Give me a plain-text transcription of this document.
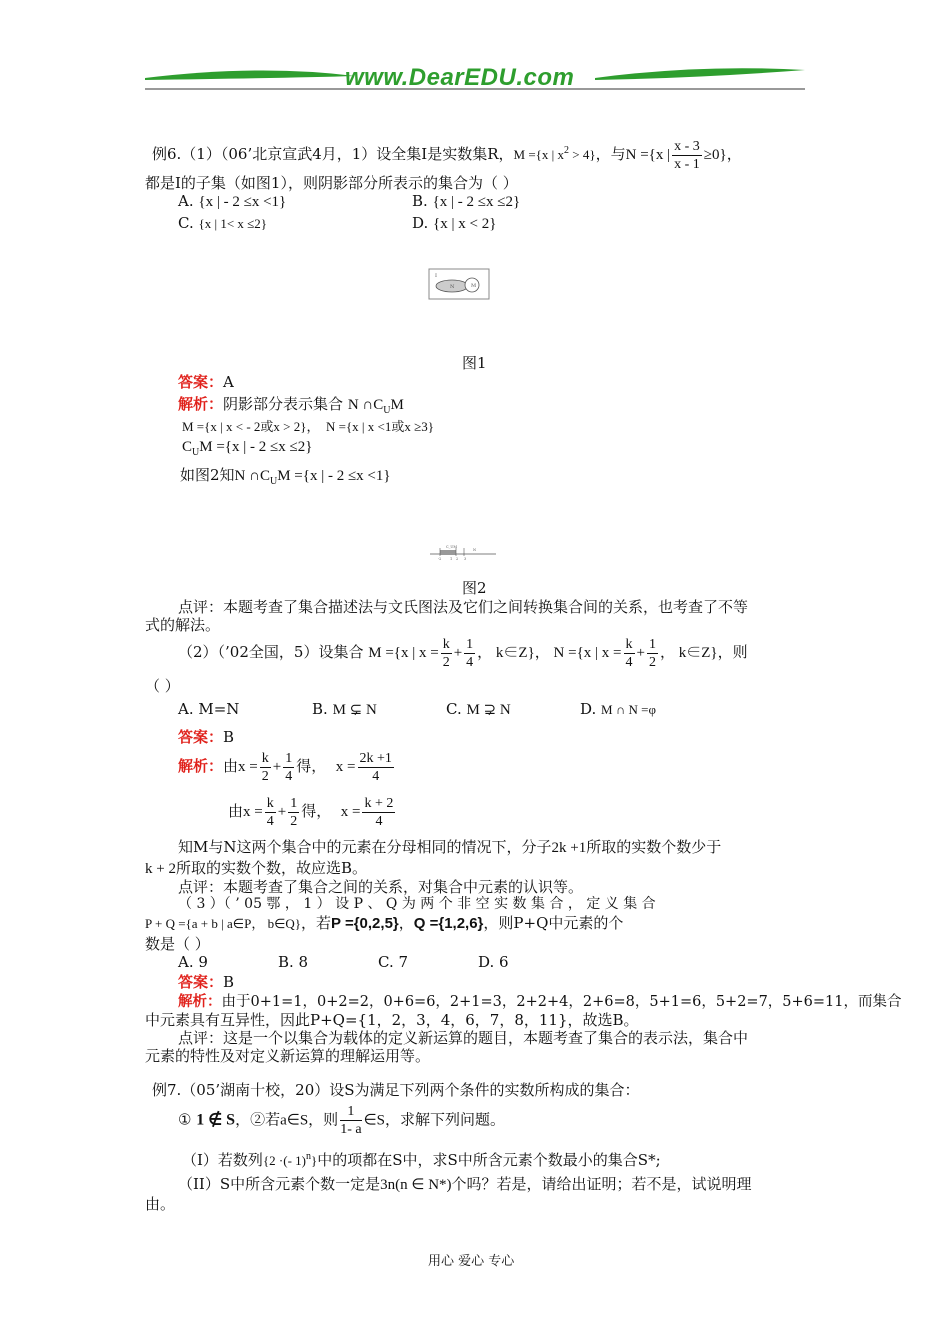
www.DearEDU.com
例6.（1）（06’北京宣武4月，1）设全集I是实数集R，M ={x | $x^2 > 4$}，与N ={x | $\frac{x - 3}{x - 1} \ge 0$}，
都是I的子集（如图1），则阴影部分所表示的集合为（ ）
A. {x | - 2 ≤x <1}	B. {x | - 2 ≤x ≤2}
C. {x | 1< x ≤2}	D. {x | x < 2}
I
N	M
图1
答案：A
解析：阴影部分表示集合 N $\cap C_UM$
M ={x | x < - 2或x > 2}， N ={x | x <1或x ≥3}
$C_UM =\{x$ | - 2 ≤x ≤2}
如图2知N $\cap C_UM =\{x$ | - 2 ≤x <1}
C_UM
N
-2 1 2 3
图2
点评：本题考查了集合描述法与文氏图法及它们之间转换集合间的关系，也考查了不等
式的解法。
（2）（’02全国，5）设集合 M ={x | $x = \frac{k}{2} + \frac{1}{4}$ ， k∈Z}， N ={x | $x = \frac{k}{4} + \frac{1}{2}$ ， k∈Z}，则
（ ）
A. M=N	B. M ⊊ N	C. M ⊋ N	D. M ∩ N =φ
答案：B
解析：由$x = \frac{k}{2} + \frac{1}{4}$ 得， $x = \frac{2k +1}{4}$
由$x = \frac{k}{4} + \frac{1}{2}$ 得， $x = \frac{k + 2}{4}$
知M与N这两个集合中的元素在分母相同的情况下，分子2k +1所取的实数个数少于
k + 2所取的实数个数，故应选B。
点评：本题考查了集合之间的关系，对集合中元素的认识等。
（ 3 ）（ ’ 05 鄂 ， 1 ） 设 P 、 Q 为 两 个 非 空 实 数 集 合 ， 定 义 集 合
P + Q ={a + b | a∈P， b∈Q}，若P ={0,2,5}，Q ={1,2,6}，则P+Q中元素的个
数是（ ）
A. 9	B. 8	C. 7	D. 6
答案：B
解析：由于0+1=1，0+2=2，0+6=6，2+1=3，2+2+4，2+6=8，5+1=6，5+2=7，5+6=11，而集合
中元素具有互异性，因此P+Q={1，2，3，4，6，7，8，11}，故选B。
点评：这是一个以集合为载体的定义新运算的题目，本题考查了集合的表示法，集合中
元素的特性及对定义新运算的理解运用等。
例7.（05’湖南十校，20）设S为满足下列两个条件的实数所构成的集合：
① 1 ∉ S，②若a∈S，则 $\frac{1}{1- a}$ ∈S，求解下列问题。
（I）若数列{2 ·(- 1)$^n$}中的项都在S中，求S中所含元素个数最小的集合S*;
（II）S中所含元素个数一定是3n(n ∈ N*)个吗？若是，请给出证明；若不是，试说明理
由。
用心 爱心 专心
